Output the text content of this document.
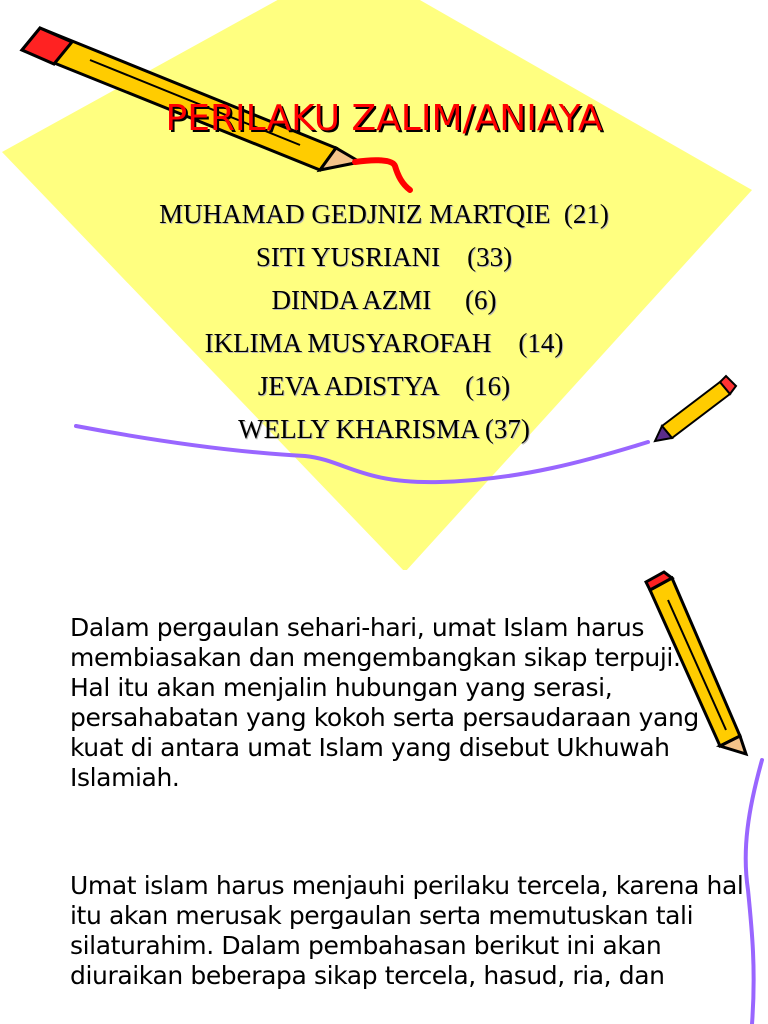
PERILAKU ZALIM/ANIAYA
MUHAMAD GEDJNIZ MARTQIE  (21)
SITI YUSRIANI    (33)
DINDA AZMI     (6)
IKLIMA MUSYAROFAH    (14)
JEVA ADISTYA    (16)
WELLY KHARISMA (37)

Dalam pergaulan sehari-hari, umat Islam harus membiasakan dan mengembangkan sikap terpuji. Hal itu akan menjalin hubungan yang serasi, persahabatan yang kokoh serta persaudaraan yang kuat di antara umat Islam yang disebut Ukhuwah Islamiah.

Umat islam harus menjauhi perilaku tercela, karena hal itu akan merusak pergaulan serta memutuskan tali silaturahim. Dalam pembahasan berikut ini akan diuraikan beberapa sikap tercela, hasud, ria, dan
